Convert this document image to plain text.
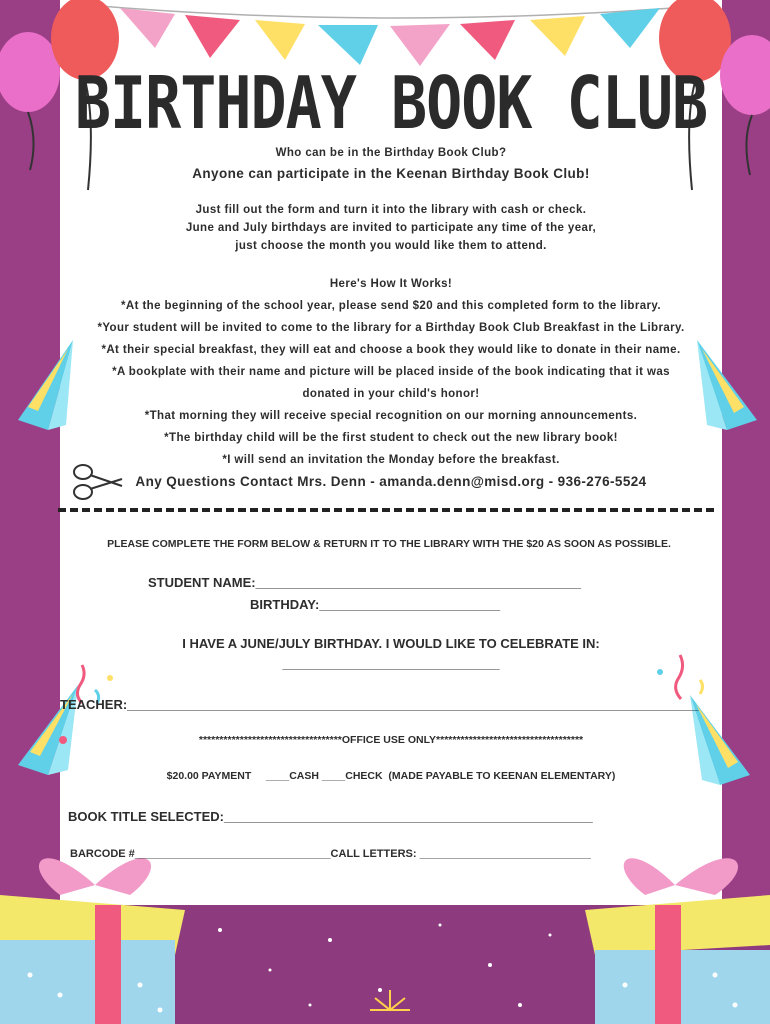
BIRTHDAY BOOK CLUB
Who can be in the Birthday Book Club?
Anyone can participate in the Keenan Birthday Book Club!
Just fill out the form and turn it into the library with cash or check.
June and July birthdays are invited to participate any time of the year,
just choose the month you would like them to attend.
Here's How It Works!
*At the beginning of the school year, please send $20 and this completed form to the library.
*Your student will be invited to come to the library for a Birthday Book Club Breakfast in the Library.
*At their special breakfast, they will eat and choose a book they would like to donate in their name.
*A bookplate with their name and picture will be placed inside of the book indicating that it was
donated in your child's honor!
*That morning they will receive special recognition on our morning announcements.
*The birthday child will be the first student to check out the new library book!
*I will send an invitation the Monday before the breakfast.
Any Questions Contact Mrs. Denn - amanda.denn@misd.org - 936-276-5524
PLEASE COMPLETE THE FORM BELOW & RETURN IT TO THE LIBRARY WITH THE $20 AS SOON AS POSSIBLE.
STUDENT NAME:_____________________________________________
BIRTHDAY:_________________________
I HAVE A JUNE/JULY BIRTHDAY. I WOULD LIKE TO CELEBRATE IN:
______________________________
TEACHER:_______________________________________________________________________________
***********************************OFFICE USE ONLY************************************
$20.00 PAYMENT     ____CASH ____CHECK  (MADE PAYABLE TO KEENAN ELEMENTARY)
BOOK TITLE SELECTED:___________________________________________________
BARCODE #________________________________CALL LETTERS: ____________________________
